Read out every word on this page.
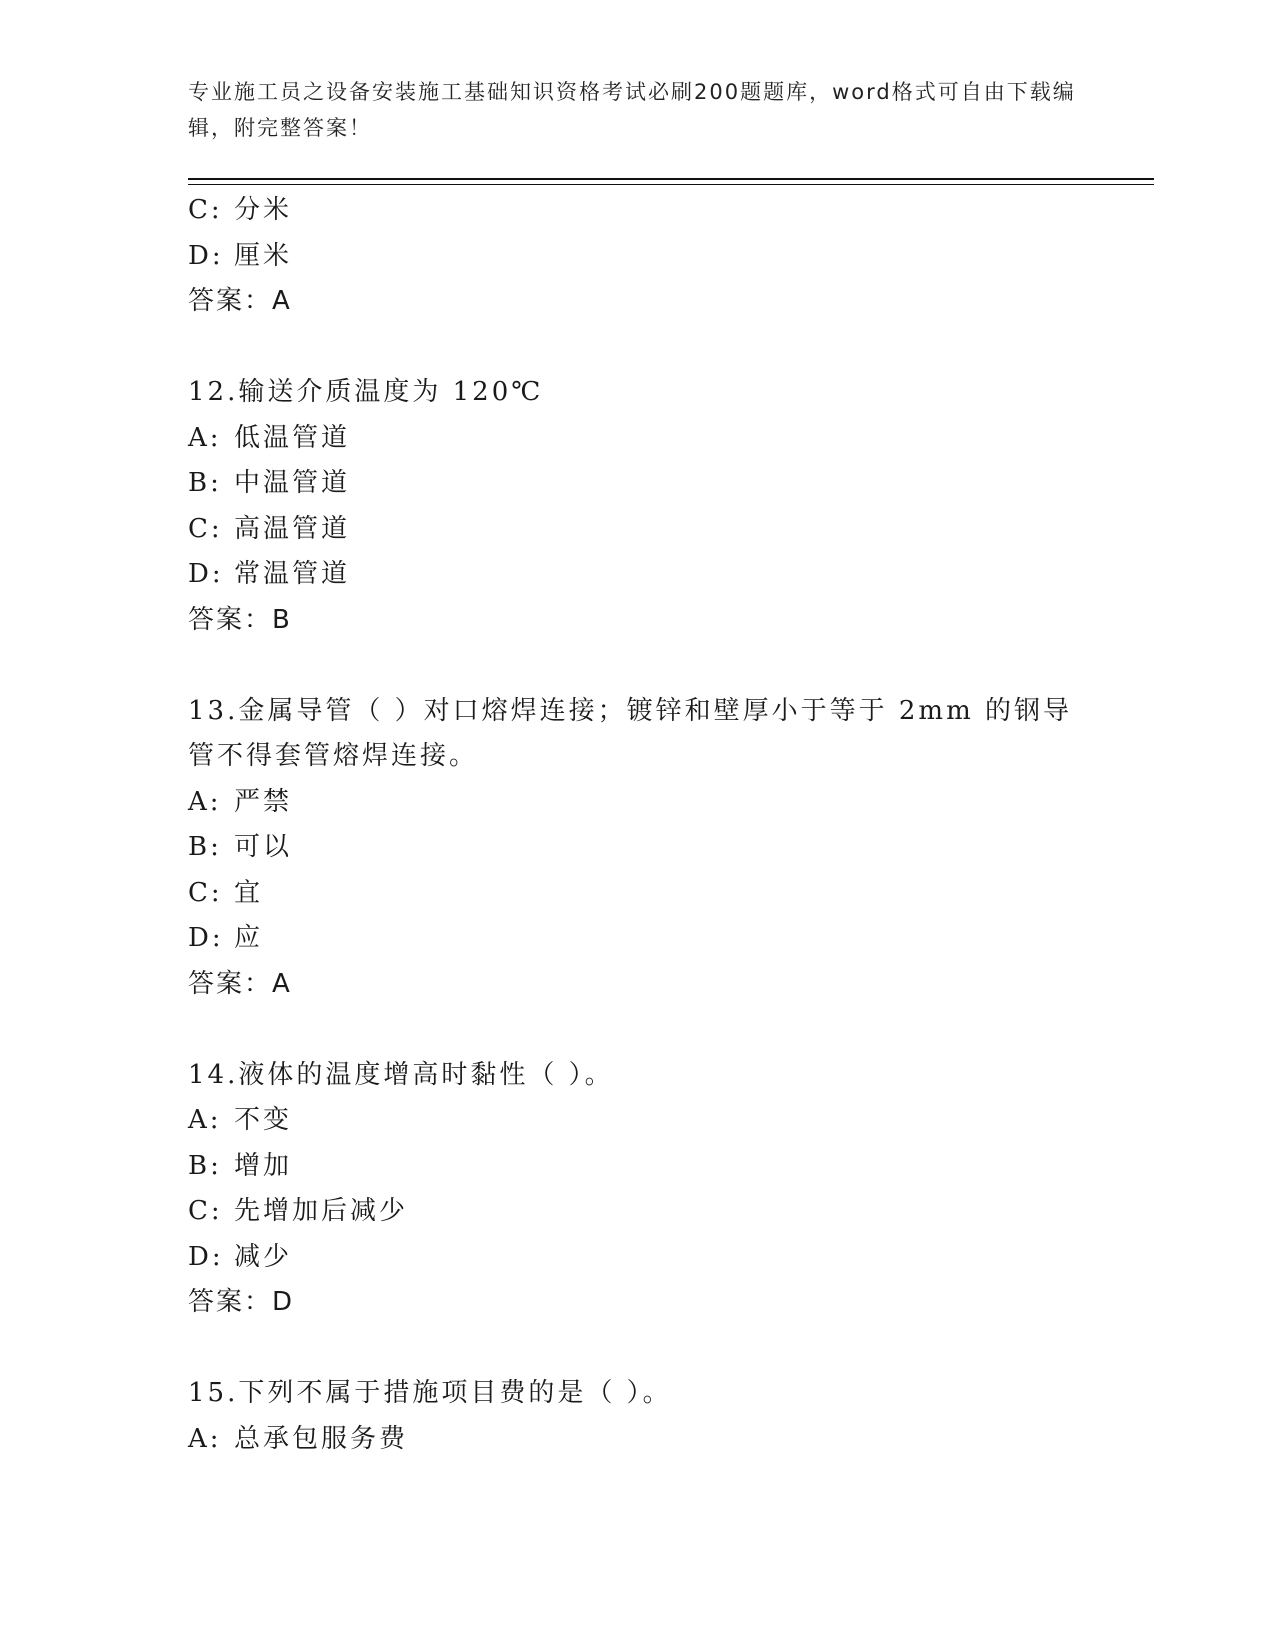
专业施工员之设备安装施工基础知识资格考试必刷200题题库，word格式可自由下载编辑，附完整答案！
C: 分米
D: 厘米
答案：A
12.输送介质温度为 120℃
A: 低温管道
B: 中温管道
C: 高温管道
D: 常温管道
答案：B
13.金属导管（ ）对口熔焊连接；镀锌和壁厚小于等于 2mm 的钢导管不得套管熔焊连接。
A: 严禁
B: 可以
C: 宜
D: 应
答案：A
14.液体的温度增高时黏性（ ）。
A: 不变
B: 增加
C: 先增加后减少
D: 减少
答案：D
15.下列不属于措施项目费的是（ ）。
A: 总承包服务费
